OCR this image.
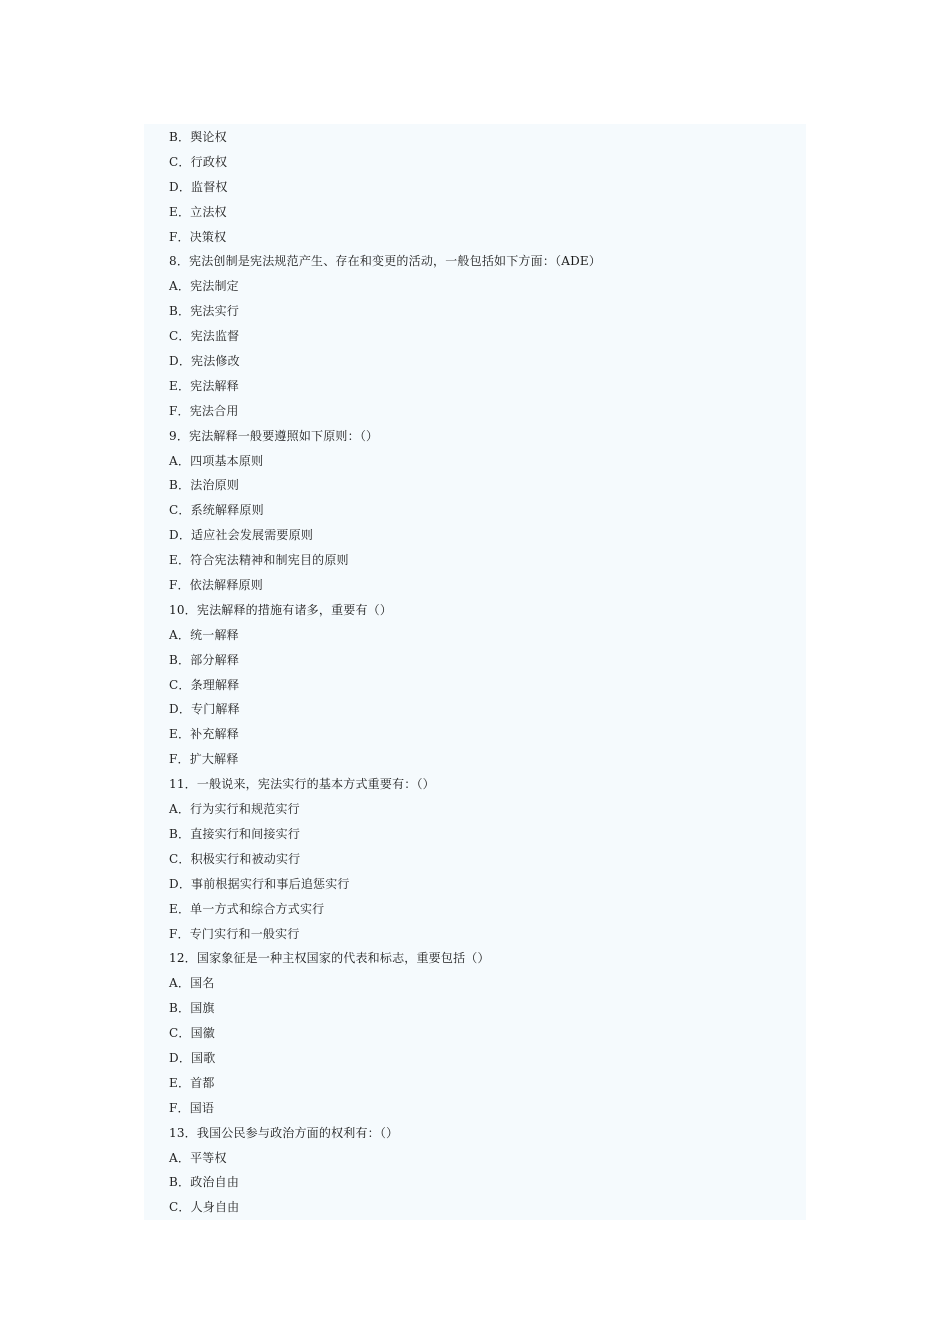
B．舆论权
C．行政权
D．监督权
E．立法权
F．决策权
8．宪法创制是宪法规范产生、存在和变更的活动，一般包括如下方面：（ADE）
A．宪法制定
B．宪法实行
C．宪法监督
D．宪法修改
E．宪法解释
F．宪法合用
9．宪法解释一般要遵照如下原则：（）
A．四项基本原则
B．法治原则
C．系统解释原则
D．适应社会发展需要原则
E．符合宪法精神和制宪目的原则
F．依法解释原则
10．宪法解释的措施有诸多，重要有（）
A．统一解释
B．部分解释
C．条理解释
D．专门解释
E．补充解释
F．扩大解释
11．一般说来，宪法实行的基本方式重要有：（）
A．行为实行和规范实行
B．直接实行和间接实行
C．积极实行和被动实行
D．事前根据实行和事后追惩实行
E．单一方式和综合方式实行
F．专门实行和一般实行
12．国家象征是一种主权国家的代表和标志，重要包括（）
A．国名
B．国旗
C．国徽
D．国歌
E．首都
F．国语
13．我国公民参与政治方面的权利有：（）
A．平等权
B．政治自由
C．人身自由
